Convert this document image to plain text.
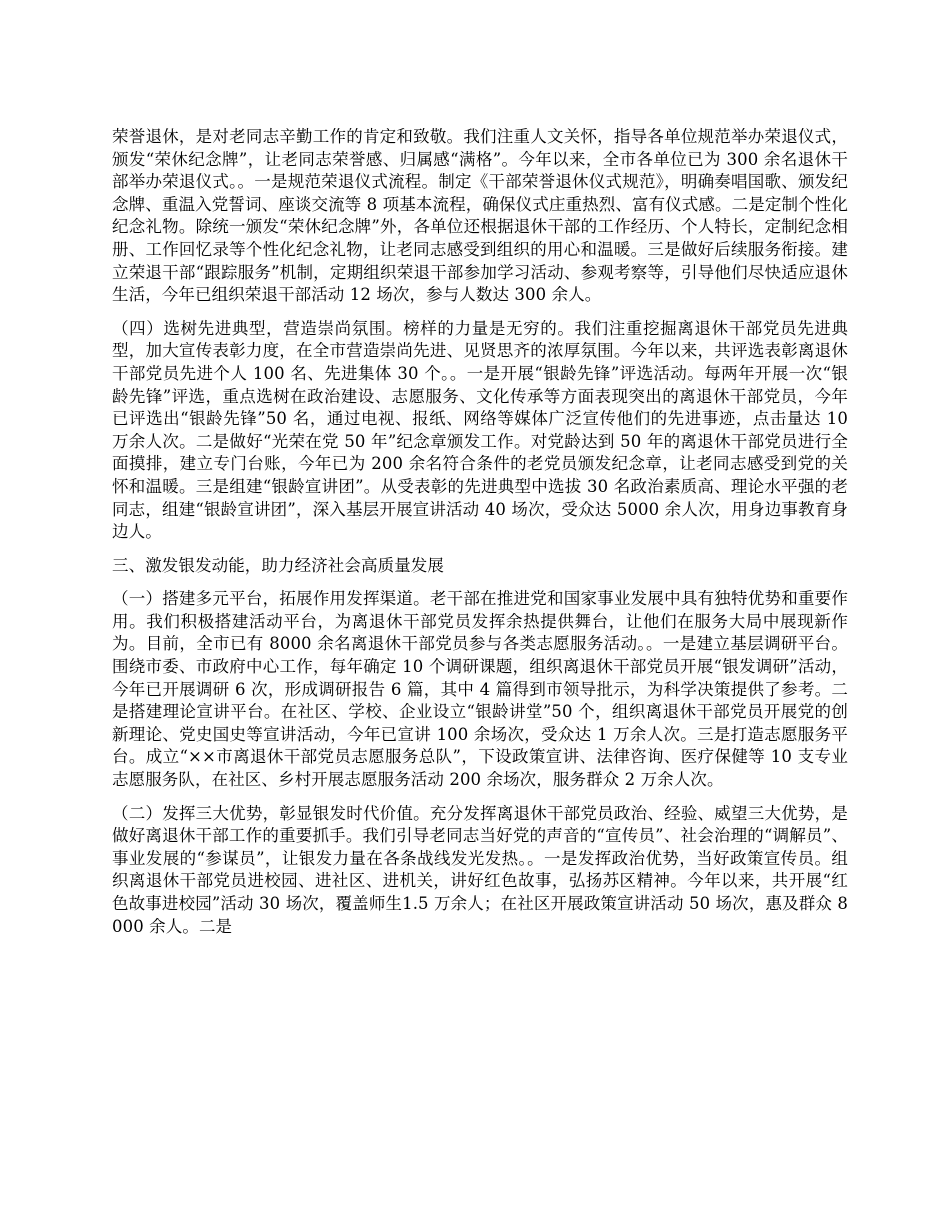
荣誉退休，是对老同志辛勤工作的肯定和致敬。我们注重人文关怀，指导各单位规范举办荣退仪式，颁发“荣休纪念牌”，让老同志荣誉感、归属感“满格”。今年以来，全市各单位已为 300 余名退休干部举办荣退仪式。。一是规范荣退仪式流程。制定《干部荣誉退休仪式规范》，明确奏唱国歌、颁发纪念牌、重温入党誓词、座谈交流等 8 项基本流程，确保仪式庄重热烈、富有仪式感。二是定制个性化纪念礼物。除统一颁发“荣休纪念牌”外，各单位还根据退休干部的工作经历、个人特长，定制纪念相册、工作回忆录等个性化纪念礼物，让老同志感受到组织的用心和温暖。三是做好后续服务衔接。建立荣退干部“跟踪服务”机制，定期组织荣退干部参加学习活动、参观考察等，引导他们尽快适应退休生活，今年已组织荣退干部活动 12 场次，参与人数达 300 余人。

（四）选树先进典型，营造崇尚氛围。榜样的力量是无穷的。我们注重挖掘离退休干部党员先进典型，加大宣传表彰力度，在全市营造崇尚先进、见贤思齐的浓厚氛围。今年以来，共评选表彰离退休干部党员先进个人 100 名、先进集体 30 个。。一是开展“银龄先锋”评选活动。每两年开展一次“银龄先锋”评选，重点选树在政治建设、志愿服务、文化传承等方面表现突出的离退休干部党员，今年已评选出“银龄先锋”50 名，通过电视、报纸、网络等媒体广泛宣传他们的先进事迹，点击量达 10 万余人次。二是做好“光荣在党 50 年”纪念章颁发工作。对党龄达到 50 年的离退休干部党员进行全面摸排，建立专门台账，今年已为 200 余名符合条件的老党员颁发纪念章，让老同志感受到党的关怀和温暖。三是组建“银龄宣讲团”。从受表彰的先进典型中选拔 30 名政治素质高、理论水平强的老同志，组建“银龄宣讲团”，深入基层开展宣讲活动 40 场次，受众达 5000 余人次，用身边事教育身边人。

三、激发银发动能，助力经济社会高质量发展

（一）搭建多元平台，拓展作用发挥渠道。老干部在推进党和国家事业发展中具有独特优势和重要作用。我们积极搭建活动平台，为离退休干部党员发挥余热提供舞台，让他们在服务大局中展现新作为。目前，全市已有 8000 余名离退休干部党员参与各类志愿服务活动。。一是建立基层调研平台。围绕市委、市政府中心工作，每年确定 10 个调研课题，组织离退休干部党员开展“银发调研”活动，今年已开展调研 6 次，形成调研报告 6 篇，其中 4 篇得到市领导批示，为科学决策提供了参考。二是搭建理论宣讲平台。在社区、学校、企业设立“银龄讲堂”50 个，组织离退休干部党员开展党的创新理论、党史国史等宣讲活动，今年已宣讲 100 余场次，受众达 1 万余人次。三是打造志愿服务平台。成立“××市离退休干部党员志愿服务总队”，下设政策宣讲、法律咨询、医疗保健等 10 支专业志愿服务队，在社区、乡村开展志愿服务活动 200 余场次，服务群众 2 万余人次。

（二）发挥三大优势，彰显银发时代价值。充分发挥离退休干部党员政治、经验、威望三大优势，是做好离退休干部工作的重要抓手。我们引导老同志当好党的声音的“宣传员”、社会治理的“调解员”、事业发展的“参谋员”，让银发力量在各条战线发光发热。。一是发挥政治优势，当好政策宣传员。组织离退休干部党员进校园、进社区、进机关，讲好红色故事，弘扬苏区精神。今年以来，共开展“红色故事进校园”活动 30 场次，覆盖师生1.5 万余人；在社区开展政策宣讲活动 50 场次，惠及群众 8000 余人。二是
